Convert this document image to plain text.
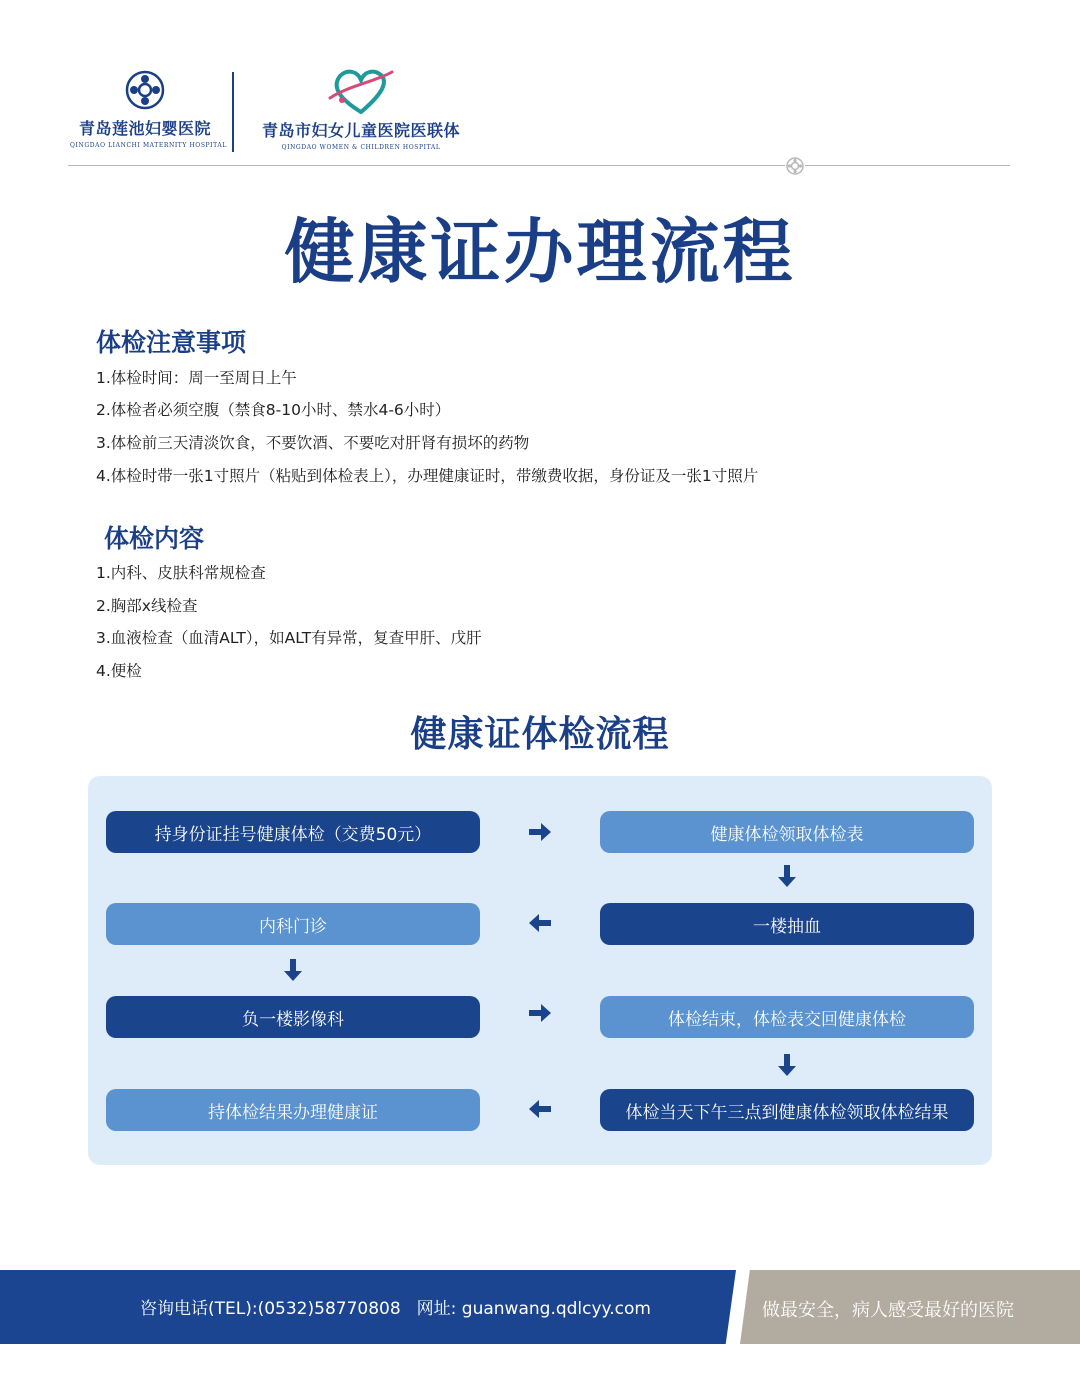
青岛莲池妇婴医院
QINGDAO LIANCHI MATERNITY HOSPITAL
青岛市妇女儿童医院医联体
QINGDAO WOMEN & CHILDREN HOSPITAL
健康证办理流程
体检注意事项
1.体检时间：周一至周日上午
2.体检者必须空腹（禁食8-10小时、禁水4-6小时）
3.体检前三天清淡饮食，不要饮酒、不要吃对肝肾有损坏的药物
4.体检时带一张1寸照片（粘贴到体检表上），办理健康证时，带缴费收据，身份证及一张1寸照片
体检内容
1.内科、皮肤科常规检查
2.胸部x线检查
3.血液检查（血清ALT），如ALT有异常，复查甲肝、戊肝
4.便检
健康证体检流程
持身份证挂号健康体检（交费50元）	健康体检领取体检表
一楼抽血
内科门诊
负一楼影像科	体检结束，体检表交回健康体检
体检当天下午三点到健康体检领取体检结果
持体检结果办理健康证
咨询电话(TEL):(0532)58770808 网址: guanwang.qdlcyy.com	做最安全，病人感受最好的医院
